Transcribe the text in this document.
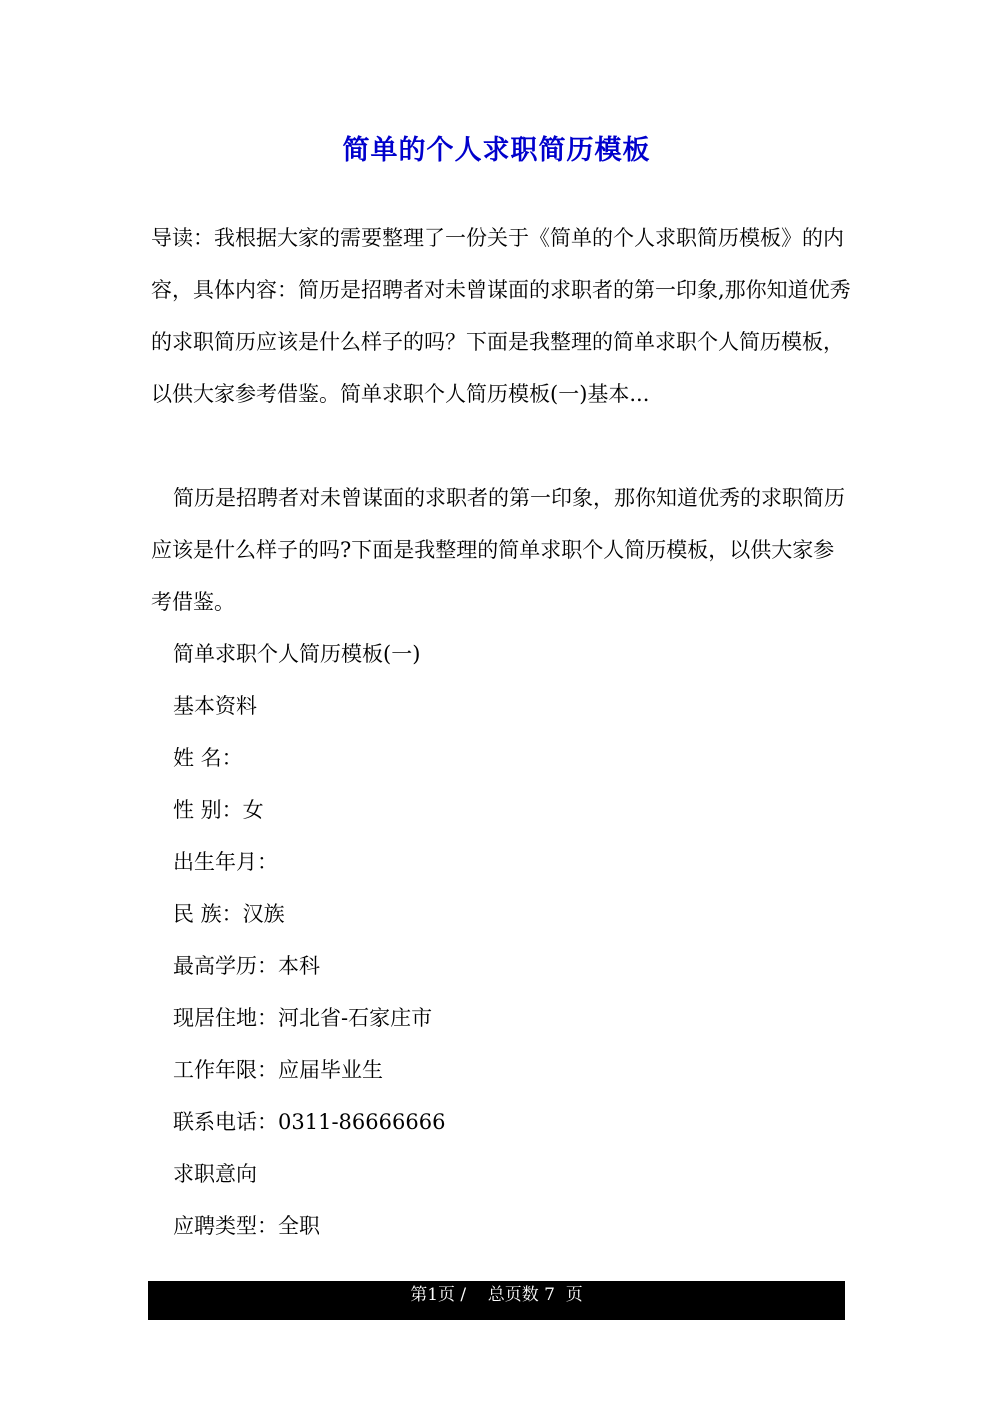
简单的个人求职简历模板

导读：我根据大家的需要整理了一份关于《简单的个人求职简历模板》的内容，具体内容：简历是招聘者对未曾谋面的求职者的第一印象,那你知道优秀的求职简历应该是什么样子的吗？下面是我整理的简单求职个人简历模板，以供大家参考借鉴。简单求职个人简历模板(一)基本...

简历是招聘者对未曾谋面的求职者的第一印象，那你知道优秀的求职简历应该是什么样子的吗?下面是我整理的简单求职个人简历模板，以供大家参考借鉴。

简单求职个人简历模板(一)
基本资料
姓 名：
性 别：女
出生年月：
民 族：汉族
最高学历：本科
现居住地：河北省-石家庄市
工作年限：应届毕业生
联系电话：0311-86666666
求职意向
应聘类型：全职
第1页 /    总页数 7  页
